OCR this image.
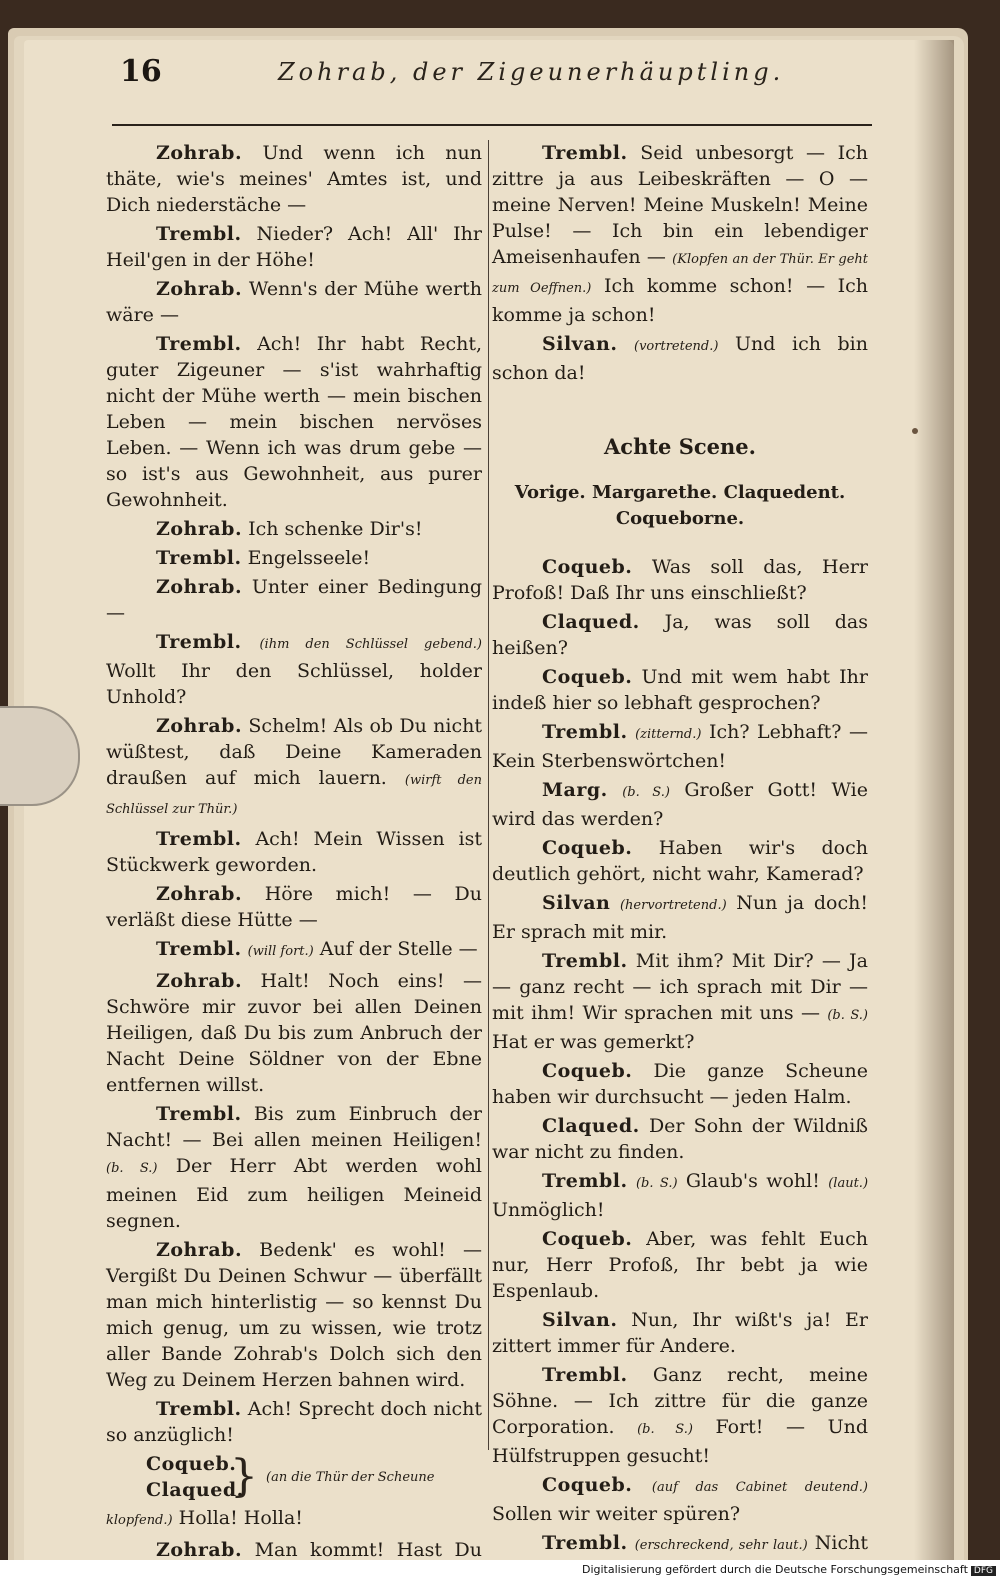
16	Zohrab, der Zigeunerhäuptling.

Zohrab. Und wenn ich nun thäte, wie's meines' Amtes ist, und Dich niederstäche —

Trembl. Nieder? Ach! All' Ihr Heil'gen in der Höhe!

Zohrab. Wenn's der Mühe werth wäre —

Trembl. Ach! Ihr habt Recht, guter Zigeuner — s'ist wahrhaftig nicht der Mühe werth — mein bischen Leben — mein bischen nervöses Leben. — Wenn ich was drum gebe — so ist's aus Gewohnheit, aus purer Gewohnheit.

Zohrab. Ich schenke Dir's!

Trembl. Engelsseele!

Zohrab. Unter einer Bedingung —

Trembl. (ihm den Schlüssel gebend.) Wollt Ihr den Schlüssel, holder Unhold?

Zohrab. Schelm! Als ob Du nicht wüßtest, daß Deine Kameraden draußen auf mich lauern. (wirft den Schlüssel zur Thür.)

Trembl. Ach! Mein Wissen ist Stückwerk geworden.

Zohrab. Höre mich! — Du verläßt diese Hütte —

Trembl. (will fort.) Auf der Stelle —

Zohrab. Halt! Noch eins! — Schwöre mir zuvor bei allen Deinen Heiligen, daß Du bis zum Anbruch der Nacht Deine Söldner von der Ebne entfernen willst.

Trembl. Bis zum Einbruch der Nacht! — Bei allen meinen Heiligen! (b. S.) Der Herr Abt werden wohl meinen Eid zum heiligen Meineid segnen.

Zohrab. Bedenk' es wohl! — Vergißt Du Deinen Schwur — überfällt man mich hinterlistig — so kennst Du mich genug, um zu wissen, wie trotz aller Bande Zohrab's Dolch sich den Weg zu Deinem Herzen bahnen wird.

Trembl. Ach! Sprecht doch nicht so anzüglich!

Coqueb.
Claqued.
} (an die Thür der Scheune

klopfend.) Holla! Holla!

Zohrab. Man kommt! Hast Du

Trembl. Seid unbesorgt — Ich zittre ja aus Leibeskräften — O — meine Nerven! Meine Muskeln! Meine Pulse! — Ich bin ein lebendiger Ameisenhaufen — (Klopfen an der Thür. Er geht zum Oeffnen.) Ich komme schon! — Ich komme ja schon!

Silvan. (vortretend.) Und ich bin schon da!

Achte Scene.
Vorige. Margarethe. Claquedent.
Coqueborne.

Coqueb. Was soll das, Herr Profoß! Daß Ihr uns einschließt?

Claqued. Ja, was soll das heißen?

Coqueb. Und mit wem habt Ihr indeß hier so lebhaft gesprochen?

Trembl. (zitternd.) Ich? Lebhaft? — Kein Sterbenswörtchen!

Marg. (b. S.) Großer Gott! Wie wird das werden?

Coqueb. Haben wir's doch deutlich gehört, nicht wahr, Kamerad?

Silvan (hervortretend.) Nun ja doch! Er sprach mit mir.

Trembl. Mit ihm? Mit Dir? — Ja — ganz recht — ich sprach mit Dir — mit ihm! Wir sprachen mit uns — (b. S.) Hat er was gemerkt?

Coqueb. Die ganze Scheune haben wir durchsucht — jeden Halm.

Claqued. Der Sohn der Wildniß war nicht zu finden.

Trembl. (b. S.) Glaub's wohl! (laut.) Unmöglich!

Coqueb. Aber, was fehlt Euch nur, Herr Profoß, Ihr bebt ja wie Espenlaub.

Silvan. Nun, Ihr wißt's ja! Er zittert immer für Andere.

Trembl. Ganz recht, meine Söhne. — Ich zittre für die ganze Corporation. (b. S.) Fort! — Und Hülfstruppen gesucht!

Coqueb. (auf das Cabinet deutend.) Sollen wir weiter spüren?

Trembl. (erschreckend, sehr laut.) Nicht

Digitalisierung gefördert durch die Deutsche Forschungsgemeinschaft DFG
